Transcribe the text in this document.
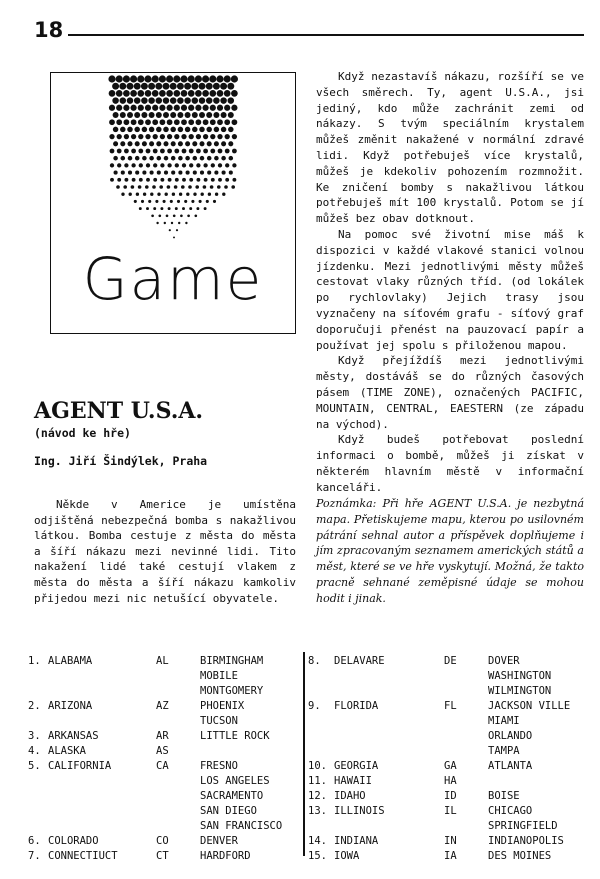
18
Game
AGENT U.S.A.
(návod ke hře)
Ing. Jiří Šindýlek, Praha

Někde v Americe je umístěna odjištěná nebezpečná bomba s nakažlivou látkou. Bomba cestuje z města do města a šíří nákazu mezi nevinné lidi. Tito nakažení lidé také cestují vlakem z města do města a šíří nákazu kamkoliv přijedou mezi nic netušící obyvatele.

Když nezastavíš nákazu, rozšíří se ve všech směrech. Ty, agent U.S.A., jsi jediný, kdo může zachránit zemi od nákazy. S tvým speciálním krystalem můžeš změnit nakažené v normální zdravé lidi. Když potřebuješ více krystalů, můžeš je kdekoliv pohozením rozmnožit. Ke zničení bomby s nakažlivou látkou potřebuješ mít 100 krystalů. Potom se jí můžeš bez obav dotknout.

Na pomoc své životní mise máš k dispozici v každé vlakové stanici volnou jízdenku. Mezi jednotlivými městy můžeš cestovat vlaky různých tříd. (od lokálek po rychlovlaky) Jejich trasy jsou vyznačeny na síťovém grafu - síťový graf doporučuji přenést na pauzovací papír a používat jej spolu s přiloženou mapou.

Když přejíždíš mezi jednotlivými městy, dostáváš se do různých časových pásem (TIME ZONE), označených PACIFIC, MOUNTAIN, CENTRAL, EAESTERN (ze západu na východ).

Když budeš potřebovat poslední informaci o bombě, můžeš ji získat v některém hlavním městě v informační kanceláři.

Poznámka: Při hře AGENT U.S.A. je nezbytná mapa. Přetiskujeme mapu, kterou po usilovném pátrání sehnal autor a příspěvek doplňujeme i jím zpracovaným seznamem amerických států a měst, které se ve hře vyskytují. Možná, že takto pracně sehnané zeměpisné údaje se mohou hodit i jinak.

1. ALABAMA	AL	BIRMINGHAM
MOBILE
MONTGOMERY
2. ARIZONA	AZ	PHOENIX
TUCSON
3. ARKANSAS	AR	LITTLE ROCK
4. ALASKA	AS
5. CALIFORNIA	CA	FRESNO
LOS ANGELES
SACRAMENTO
SAN DIEGO
SAN FRANCISCO
6. COLORADO	CO	DENVER
7. CONNECTIUCT	CT	HARDFORD
8. DELAVARE	DE	DOVER
WASHINGTON
WILMINGTON
9. FLORIDA	FL	JACKSON VILLE
MIAMI
ORLANDO
TAMPA
10. GEORGIA	GA	ATLANTA
11. HAWAII	HA
12. IDAHO	ID	BOISE
13. ILLINOIS	IL	CHICAGO
SPRINGFIELD
14. INDIANA	IN	INDIANOPOLIS
15. IOWA	IA	DES MOINES
